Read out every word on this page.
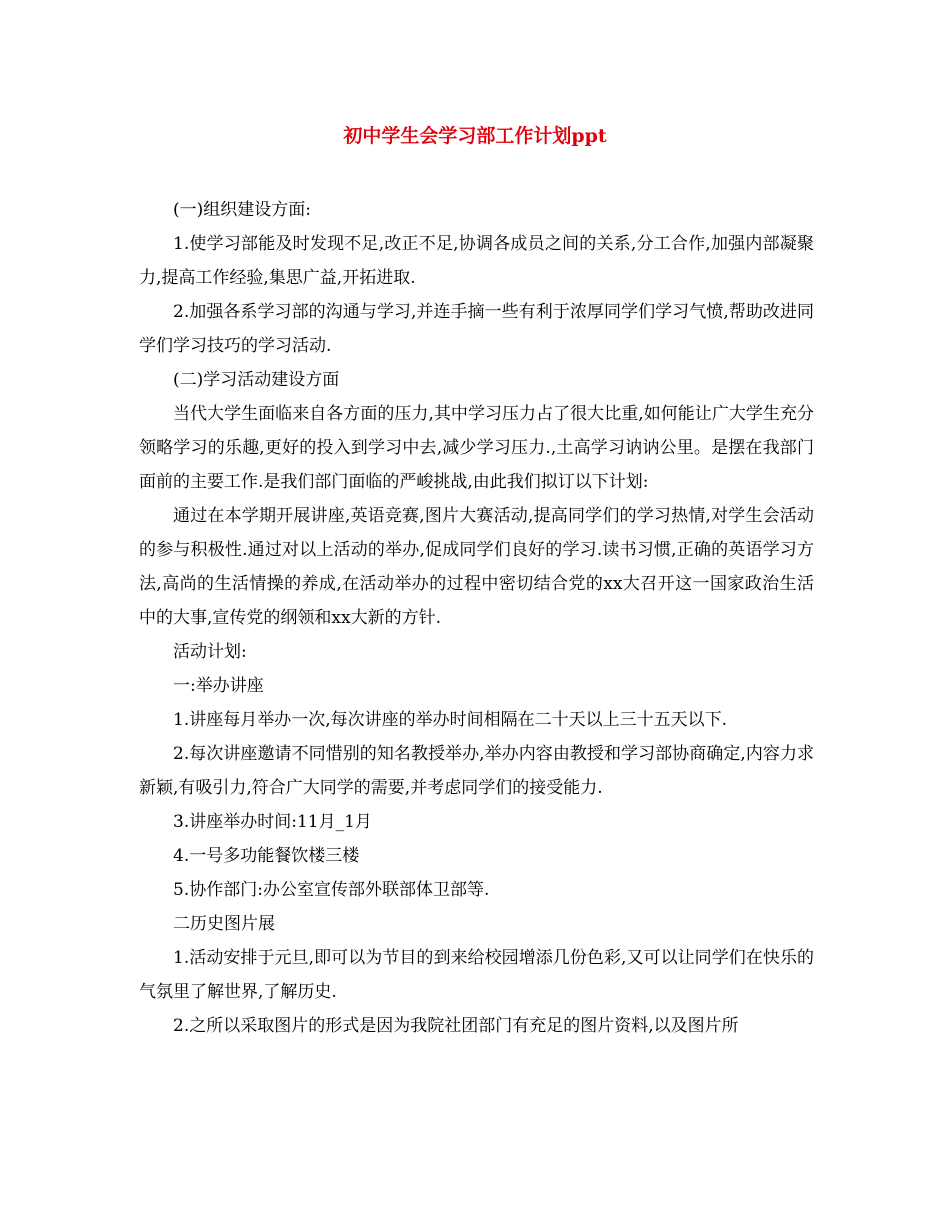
初中学生会学习部工作计划ppt

(一)组织建设方面:

1.使学习部能及时发现不足,改正不足,协调各成员之间的关系,分工合作,加强内部凝聚力,提高工作经验,集思广益,开拓进取.

2.加强各系学习部的沟通与学习,并连手摘一些有利于浓厚同学们学习气愤,帮助改进同学们学习技巧的学习活动.

(二)学习活动建设方面

当代大学生面临来自各方面的压力,其中学习压力占了很大比重,如何能让广大学生充分领略学习的乐趣,更好的投入到学习中去,减少学习压力.,土高学习讷讷公里。是摆在我部门面前的主要工作.是我们部门面临的严峻挑战,由此我们拟订以下计划:

通过在本学期开展讲座,英语竞赛,图片大赛活动,提高同学们的学习热情,对学生会活动的参与积极性.通过对以上活动的举办,促成同学们良好的学习.读书习惯,正确的英语学习方法,高尚的生活情操的养成,在活动举办的过程中密切结合党的xx大召开这一国家政治生活中的大事,宣传党的纲领和xx大新的方针.

活动计划:

一:举办讲座

1.讲座每月举办一次,每次讲座的举办时间相隔在二十天以上三十五天以下.

2.每次讲座邀请不同惜别的知名教授举办,举办内容由教授和学习部协商确定,内容力求新颖,有吸引力,符合广大同学的需要,并考虑同学们的接受能力.

3.讲座举办时间:11月_1月

4.一号多功能餐饮楼三楼

5.协作部门:办公室宣传部外联部体卫部等.

二历史图片展

1.活动安排于元旦,即可以为节目的到来给校园增添几份色彩,又可以让同学们在快乐的气氛里了解世界,了解历史.

2.之所以采取图片的形式是因为我院社团部门有充足的图片资料,以及图片所
